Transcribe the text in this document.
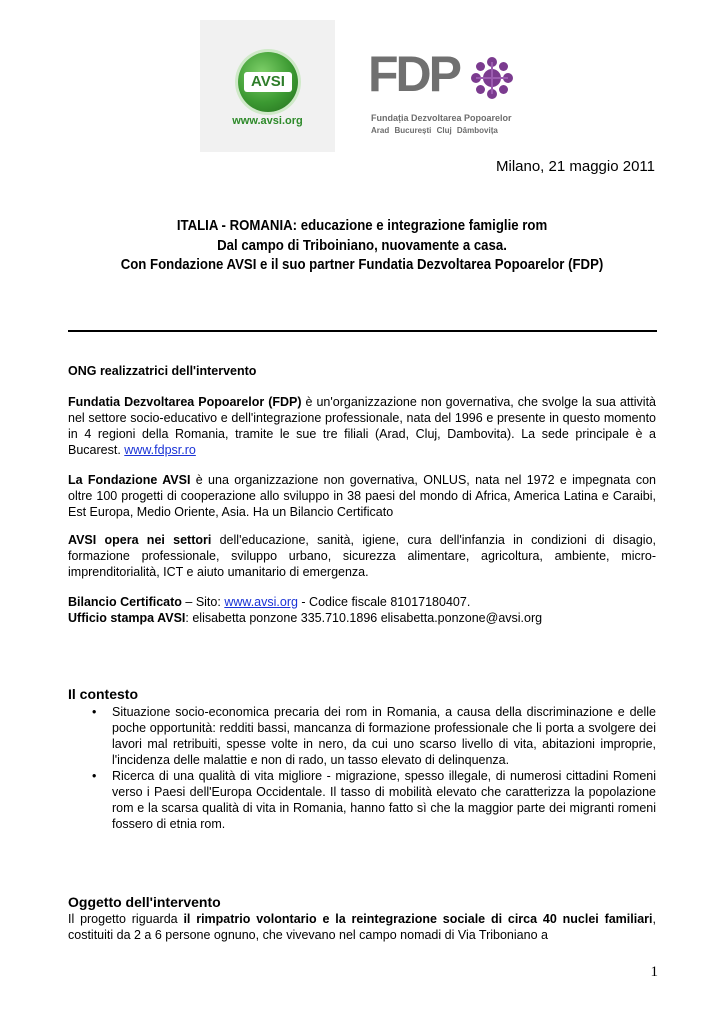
AVSI
www.avsi.org
FDP
Fundația Dezvoltarea Popoarelor
Arad București Cluj Dâmbovița
Milano, 21 maggio 2011
ITALIA - ROMANIA: educazione e integrazione famiglie rom
Dal campo di Triboiniano, nuovamente a casa.
Con Fondazione AVSI e il suo partner Fundatia Dezvoltarea Popoarelor (FDP)
ONG realizzatrici dell'intervento
Fundatia Dezvoltarea Popoarelor (FDP) è un'organizzazione non governativa, che svolge la sua attività nel settore socio-educativo e dell'integrazione professionale, nata del 1996 e presente in questo momento in 4 regioni della Romania, tramite le sue tre filiali (Arad, Cluj, Dambovita). La sede principale è a Bucarest. www.fdpsr.ro
La Fondazione AVSI è una organizzazione non governativa, ONLUS, nata nel 1972 e impegnata con oltre 100 progetti di cooperazione allo sviluppo in 38 paesi del mondo di Africa, America Latina e Caraibi, Est Europa, Medio Oriente, Asia. Ha un Bilancio Certificato
AVSI opera nei settori dell'educazione, sanità, igiene, cura dell'infanzia in condizioni di disagio, formazione professionale, sviluppo urbano, sicurezza alimentare, agricoltura, ambiente, micro-imprenditorialità, ICT e aiuto umanitario di emergenza.
Bilancio Certificato – Sito: www.avsi.org - Codice fiscale 81017180407.
Ufficio stampa AVSI: elisabetta ponzone 335.710.1896 elisabetta.ponzone@avsi.org
Il contesto
• Situazione socio-economica precaria dei rom in Romania, a causa della discriminazione e delle poche opportunità: redditi bassi, mancanza di formazione professionale che li porta a svolgere dei lavori mal retribuiti, spesse volte in nero, da cui uno scarso livello di vita, abitazioni improprie, l'incidenza delle malattie e non di rado, un tasso elevato di delinquenza.
• Ricerca di una qualità di vita migliore - migrazione, spesso illegale, di numerosi cittadini Romeni verso i Paesi dell'Europa Occidentale. Il tasso di mobilità elevato che caratterizza la popolazione rom e la scarsa qualità di vita in Romania, hanno fatto sì che la maggior parte dei migranti romeni fossero di etnia rom.
Oggetto dell'intervento
Il progetto riguarda il rimpatrio volontario e la reintegrazione sociale di circa 40 nuclei familiari, costituiti da 2 a 6 persone ognuno, che vivevano nel campo nomadi di Via Triboniano a
1
